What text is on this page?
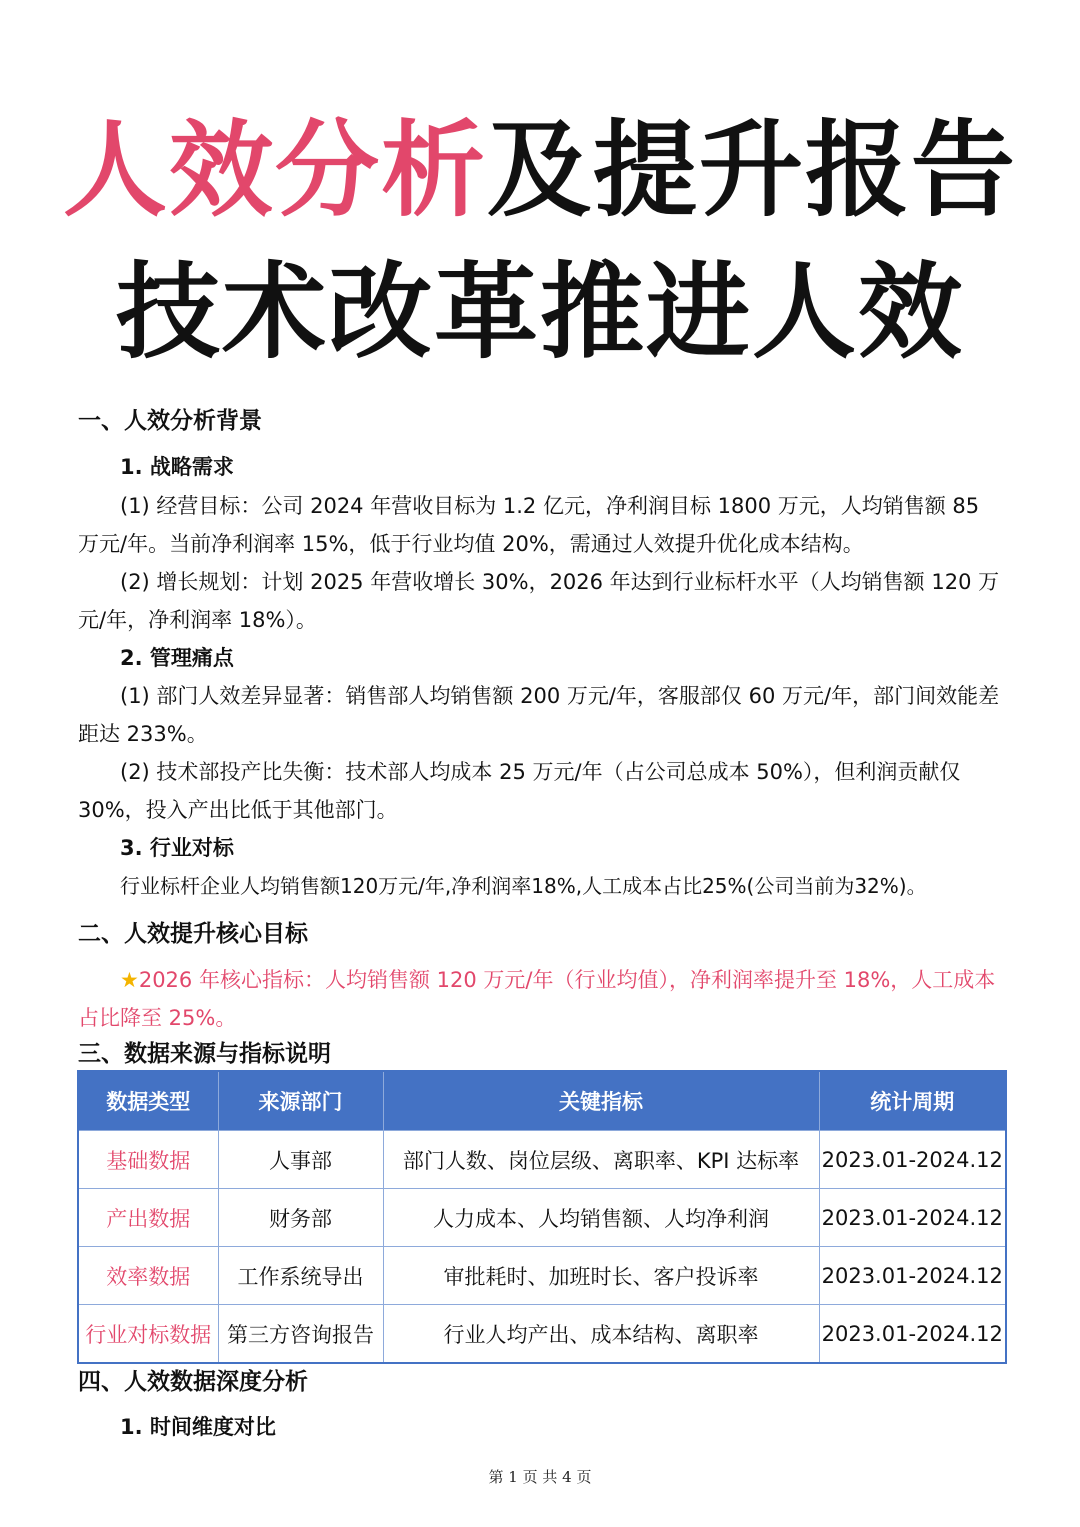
人效分析及提升报告
技术改革推进人效
一、人效分析背景
1. 战略需求
(1) 经营目标：公司 2024 年营收目标为 1.2 亿元，净利润目标 1800 万元，人均销售额 85 万元/年。当前净利润率 15%，低于行业均值 20%，需通过人效提升优化成本结构。
(2) 增长规划：计划 2025 年营收增长 30%，2026 年达到行业标杆水平（人均销售额 120 万元/年，净利润率 18%）。
2. 管理痛点
(1) 部门人效差异显著：销售部人均销售额 200 万元/年，客服部仅 60 万元/年，部门间效能差距达 233%。
(2) 技术部投产比失衡：技术部人均成本 25 万元/年（占公司总成本 50%），但利润贡献仅 30%，投入产出比低于其他部门。
3. 行业对标
行业标杆企业人均销售额120万元/年,净利润率18%,人工成本占比25%(公司当前为32%)。
二、人效提升核心目标
★2026 年核心指标：人均销售额 120 万元/年（行业均值），净利润率提升至 18%，人工成本占比降至 25%。
三、数据来源与指标说明
数据类型	来源部门	关键指标	统计周期
基础数据	人事部	部门人数、岗位层级、离职率、KPI 达标率	2023.01-2024.12
产出数据	财务部	人力成本、人均销售额、人均净利润	2023.01-2024.12
效率数据	工作系统导出	审批耗时、加班时长、客户投诉率	2023.01-2024.12
行业对标数据	第三方咨询报告	行业人均产出、成本结构、离职率	2023.01-2024.12
四、人效数据深度分析
1. 时间维度对比
第 1 页 共 4 页
